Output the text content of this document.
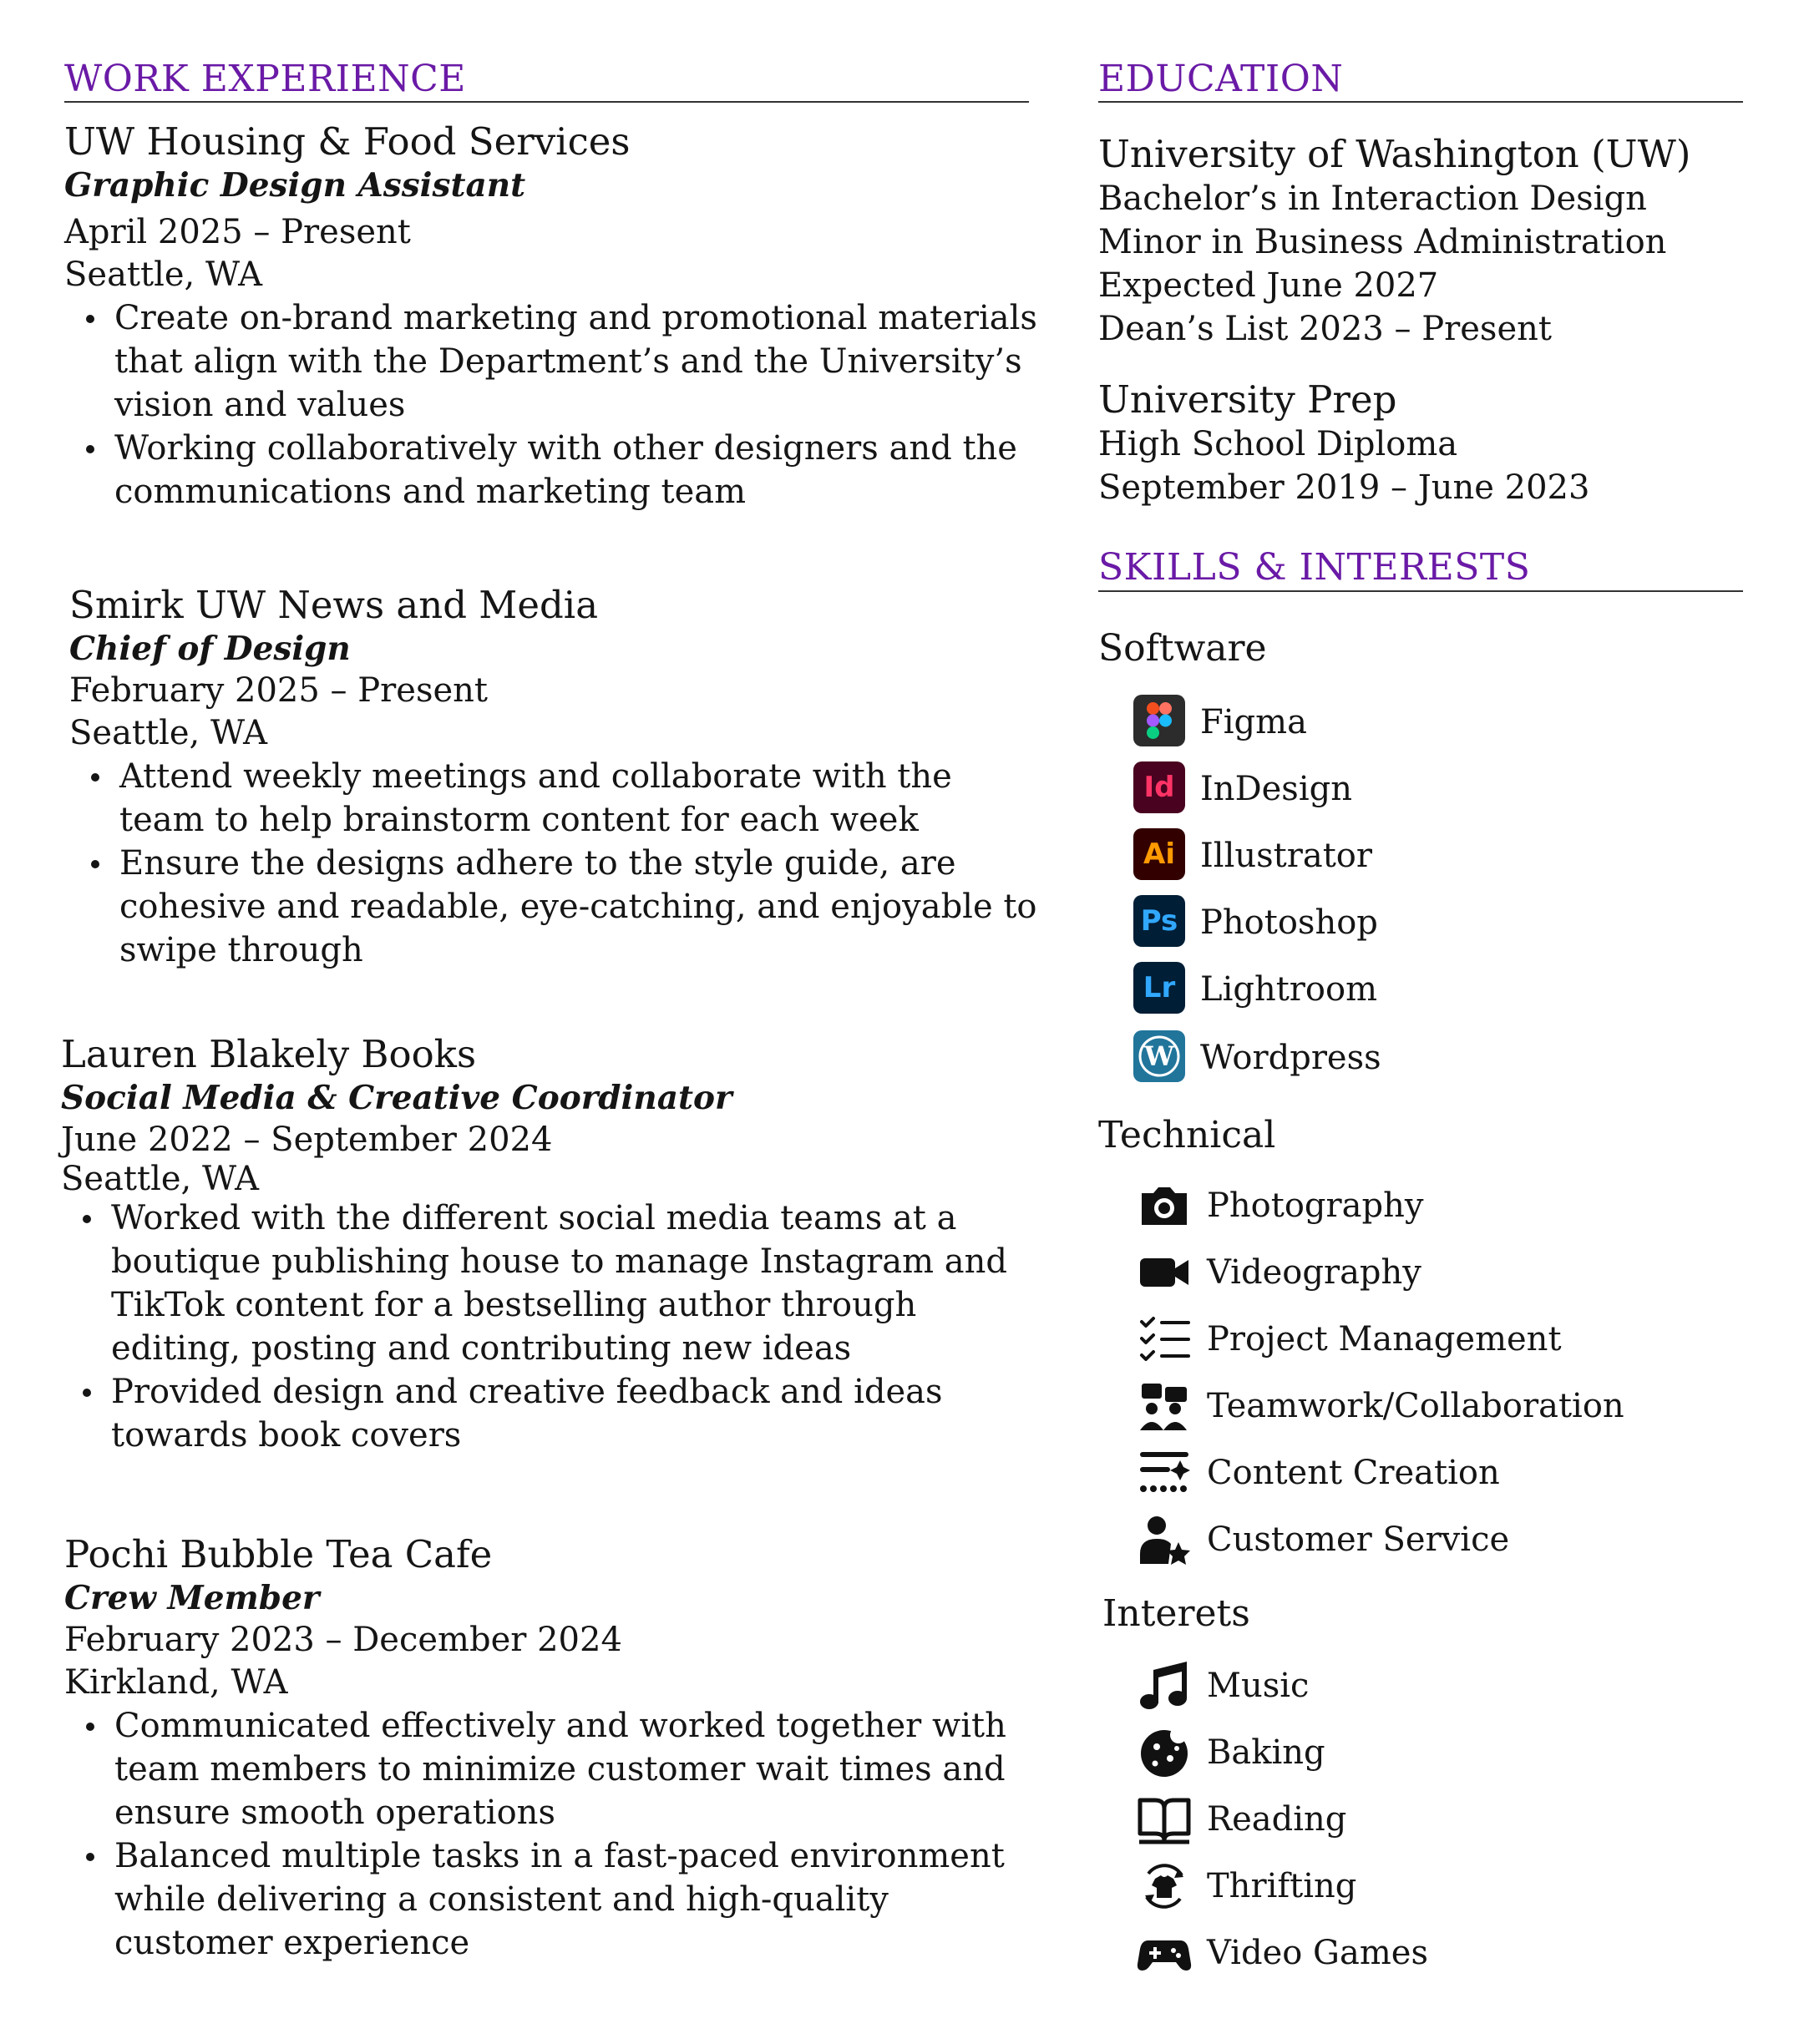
WORK EXPERIENCE
UW Housing & Food Services
Graphic Design Assistant
April 2025 – Present
Seattle, WA
Create on-brand marketing and promotional materials that align with the Department’s and the University’s vision and values
Working collaboratively with other designers and the communications and marketing team
Smirk UW News and Media
Chief of Design
February 2025 – Present
Seattle, WA
Attend weekly meetings and collaborate with the team to help brainstorm content for each week
Ensure the designs adhere to the style guide, are cohesive and readable, eye-catching, and enjoyable to swipe through
Lauren Blakely Books
Social Media & Creative Coordinator
June 2022 – September 2024
Seattle, WA
Worked with the different social media teams at a boutique publishing house to manage Instagram and TikTok content for a bestselling author through editing, posting and contributing new ideas
Provided design and creative feedback and ideas towards book covers
Pochi Bubble Tea Cafe
Crew Member
February 2023 – December 2024
Kirkland, WA
Communicated effectively and worked together with team members to minimize customer wait times and ensure smooth operations
Balanced multiple tasks in a fast-paced environment while delivering a consistent and high-quality customer experience
EDUCATION
University of Washington (UW)
Bachelor’s in Interaction Design
Minor in Business Administration
Expected June 2027
Dean’s List 2023 – Present
University Prep
High School Diploma
September 2019 – June 2023
SKILLS & INTERESTS
Software
Figma
Id InDesign
Ai Illustrator
Ps Photoshop
Lr Lightroom
W Wordpress
Technical
Photography
Videography
Project Management
Teamwork/Collaboration
Content Creation
Customer Service
Interets
Music
Baking
Reading
Thrifting
Video Games
